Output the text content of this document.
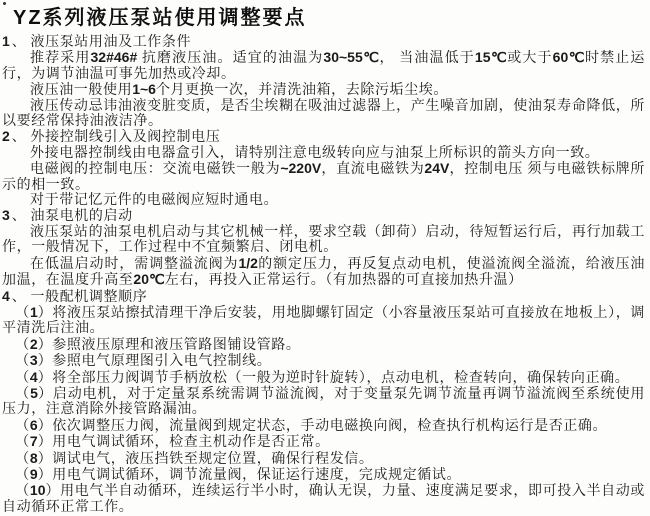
YZ系列液压泵站使用调整要点

1、 液压泵站用油及工作条件

推荐采用32#46# 抗磨液压油。适宜的油温为30~55℃， 当油温低于15℃或大于60℃时禁止运行，为调节油温可事先加热或冷却。

液压油一般使用1~6个月更换一次，并清洗油箱，去除污垢尘埃。

液压传动忌讳油液变脏变质，是否尘埃糊在吸油过滤器上，产生噪音加剧，使油泵寿命降低，所以要经常保持油液洁净。

2、 外接控制线引入及阀控制电压

外接电器控制线由电器盒引入，请特别注意电级转向应与油泵上所标识的箭头方向一致。

电磁阀的控制电压：交流电磁铁一般为~220V，直流电磁铁为24V，控制电压 须与电磁铁标牌所示的相一致。

对于带记忆元件的电磁阀应短时通电。

3、 油泵电机的启动

液压泵站的油泵电机启动与其它机械一样，要求空载（卸荷）启动，待短暂运行后，再行加载工作，一般情况下，工作过程中不宜频繁启、闭电机。

在低温启动时，需调整溢流阀为1/2的额定压力，再反复点动电机，使溢流阀全溢流，给液压油加温，在温度升高至20℃左右，再投入正常运行。（有加热器的可直接加热升温）

4、 一般配机调整顺序

（1）将液压泵站擦拭清理干净后安装，用地脚螺钉固定（小容量液压泵站可直接放在地板上），调平清洗后注油。

（2）参照液压原理和液压管路图铺设管路。

（3）参照电气原理图引入电气控制线。

（4）将全部压力阀调节手柄放松（一般为逆时针旋转），点动电机，检查转向，确保转向正确。

（5）启动电机，对于定量泵系统需调节溢流阀，对于变量泵先调节流量再调节溢流阀至系统使用压力，注意消除外接管路漏油。

（6）依次调整压力阀，流量阀到规定状态，手动电磁换向阀，检查执行机构运行是否正确。

（7）用电气调试循环，检查主机动作是否正常。

（8）调试电气，液压挡铁至规定位置，确保行程发信。

（9）用电气调试循环，调节流量阀，保证运行速度，完成规定循试。

（10）用电气半自动循环，连续运行半小时，确认无误，力量、速度满足要求，即可投入半自动或自动循环正常工作。
